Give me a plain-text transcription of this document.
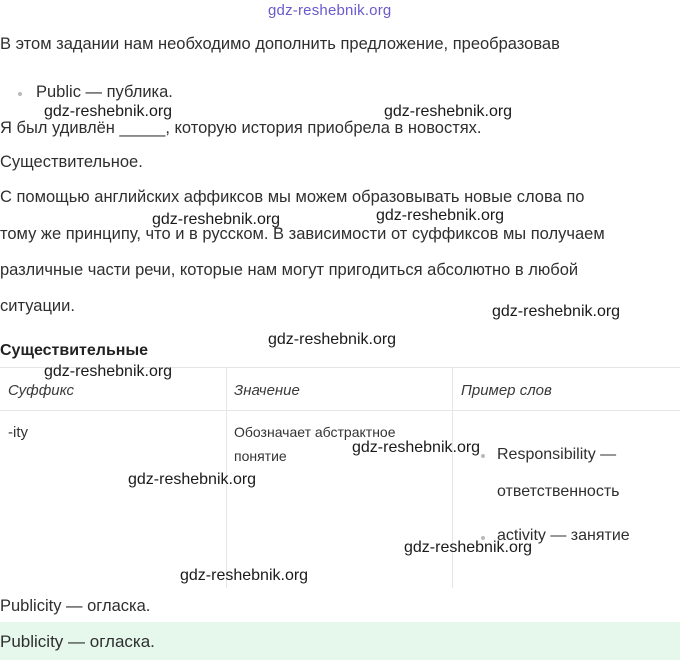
gdz-reshebnik.org
В этом задании нам необходимо дополнить предложение, преобразовав
Public — публика.
Я был удивлён _____, которую история приобрела в новостях.
Существительное.
С помощью английских аффиксов мы можем образовывать новые слова по
тому же принципу, что и в русском. В зависимости от суффиксов мы получаем
различные части речи, которые нам могут пригодиться абсолютно в любой
ситуации.
Существительные
Суффикс	Значение	Пример слов
-ity	Обозначает абстрактное понятие	Responsibility —
ответственность
activity — занятие
Publicity — огласка.
Publicity — огласка.
gdz-reshebnik.org	gdz-reshebnik.org
gdz-reshebnik.org	gdz-reshebnik.org
gdz-reshebnik.org
gdz-reshebnik.org
gdz-reshebnik.org
gdz-reshebnik.org
gdz-reshebnik.org
gdz-reshebnik.org
gdz-reshebnik.org
